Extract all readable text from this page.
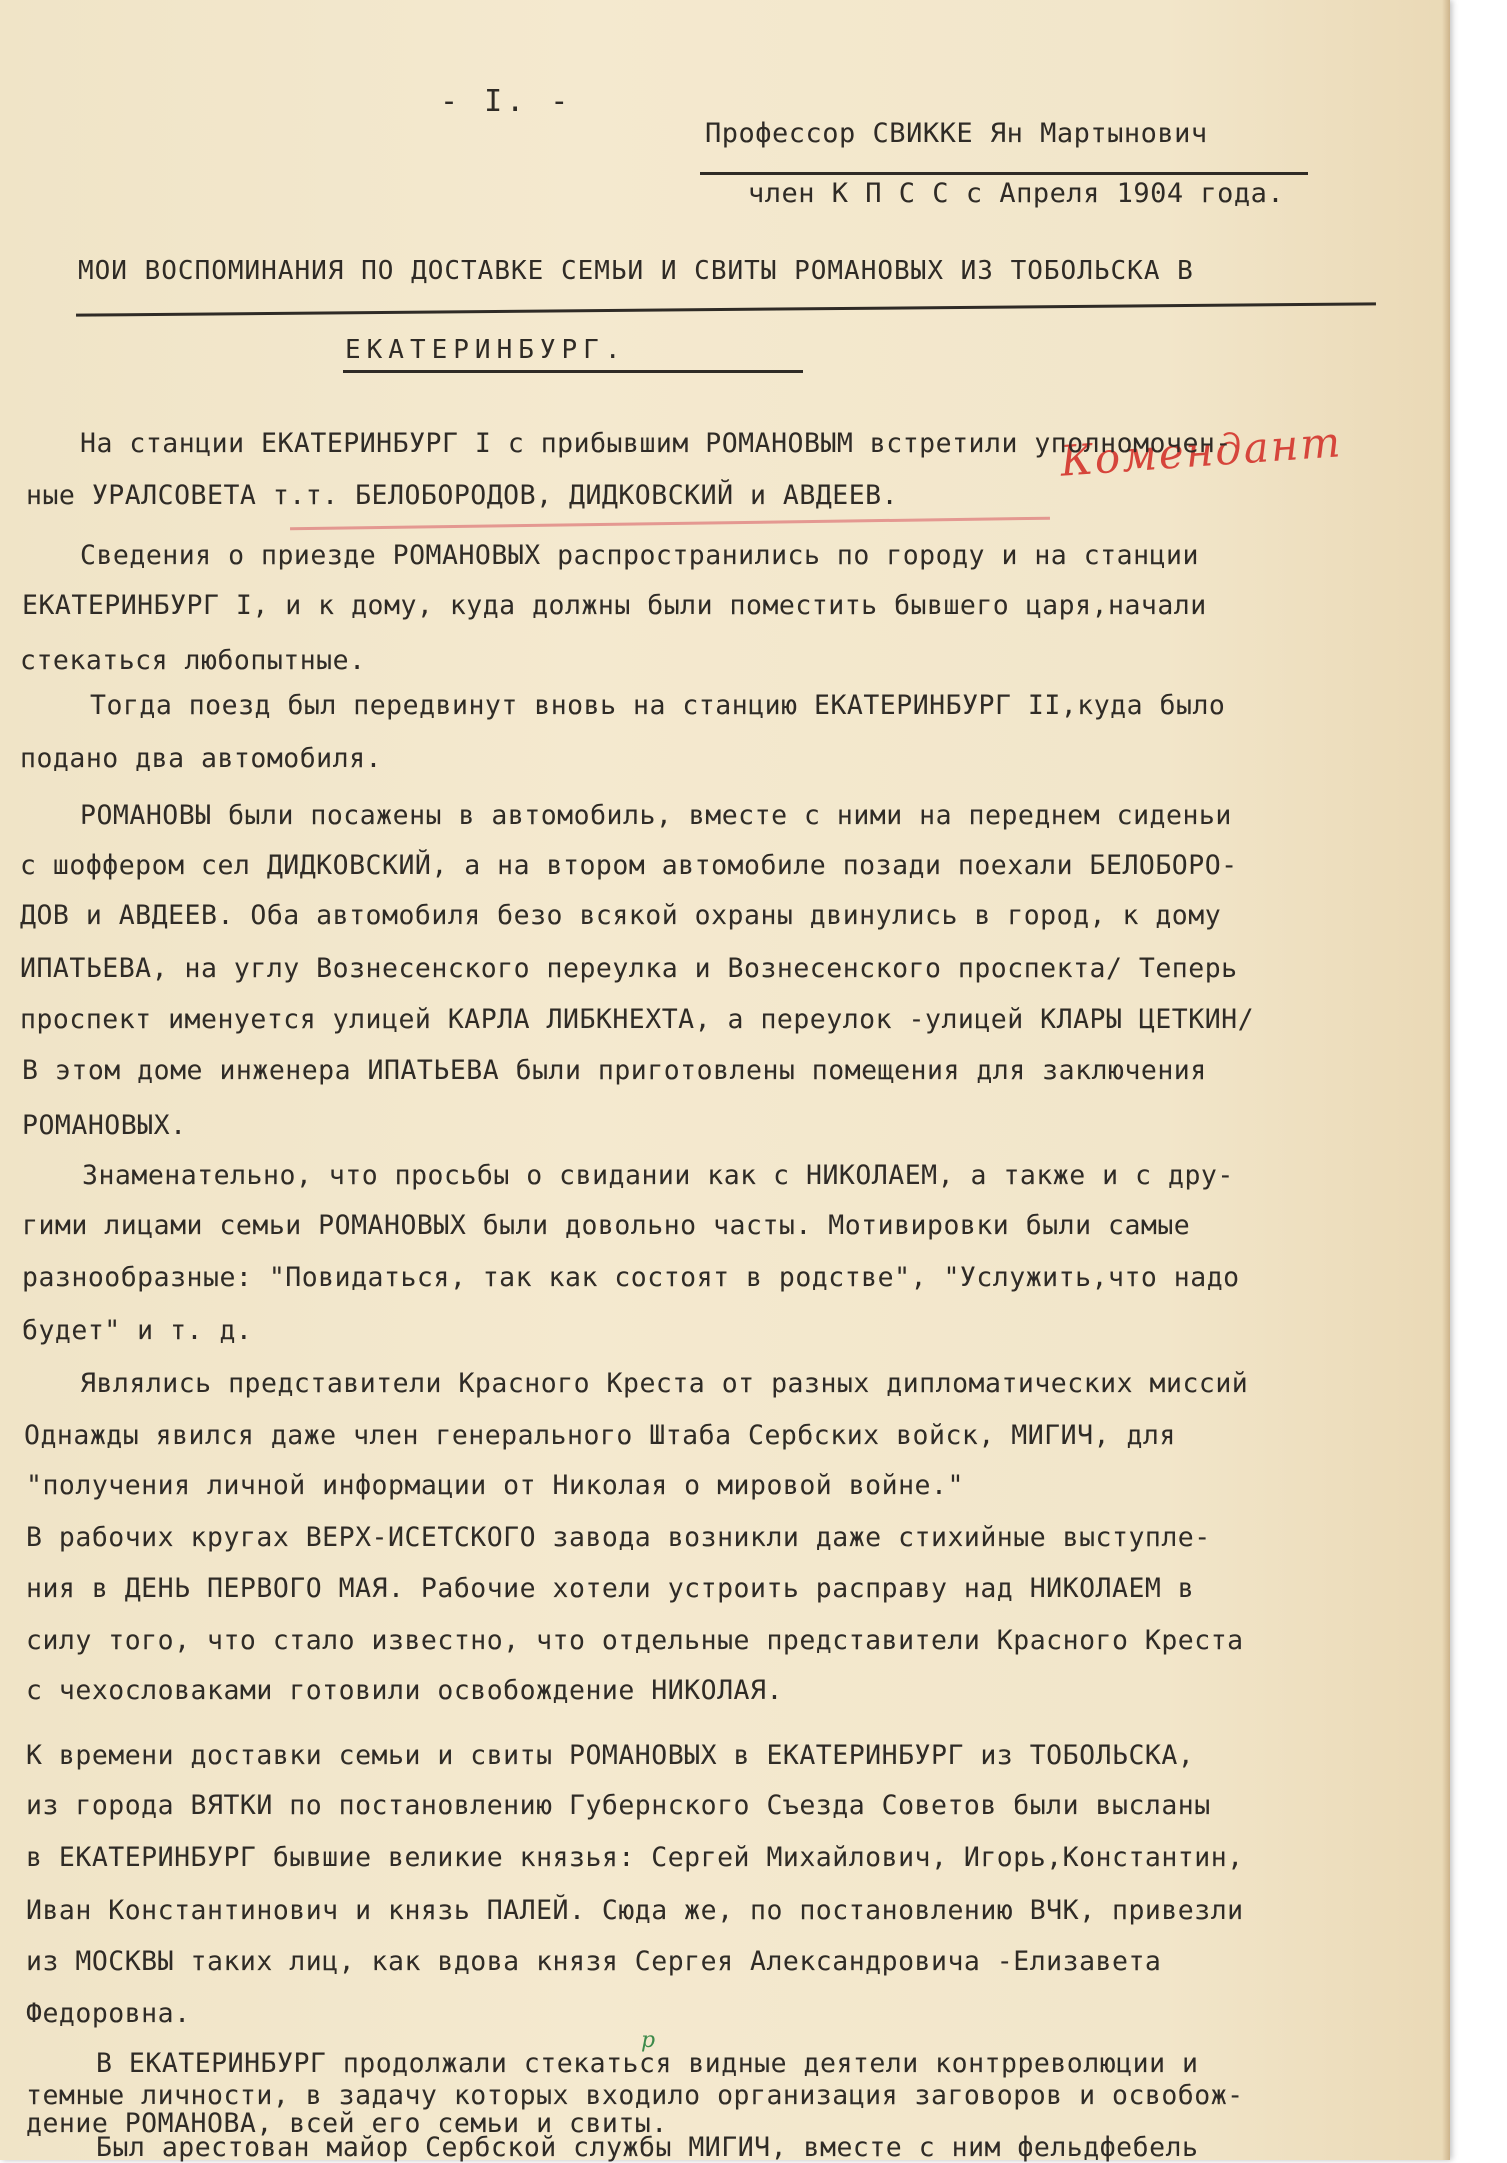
- I. -
Профессор СВИККЕ Ян Мартынович
член К П С С с Апреля 1904 года.
МОИ ВОСПОМИНАНИЯ ПО ДОСТАВКЕ СЕМЬИ И СВИТЫ РОМАНОВЫХ ИЗ ТОБОЛЬСКА В
ЕКАТЕРИНБУРГ.
Комендант
р
На станции ЕКАТЕРИНБУРГ I с прибывшим РОМАНОВЫМ встретили уполномочен-
ные УРАЛСОВЕТА т.т. БЕЛОБОРОДОВ, ДИДКОВСКИЙ и АВДЕЕВ.
Сведения о приезде РОМАНОВЫХ распространились по городу и на станции
ЕКАТЕРИНБУРГ I, и к дому, куда должны были поместить бывшего царя,начали
стекаться любопытные.
Тогда поезд был передвинут вновь на станцию ЕКАТЕРИНБУРГ II,куда было
подано два автомобиля.
РОМАНОВЫ были посажены в автомобиль, вместе с ними на переднем сиденьи
с шоффером сел ДИДКОВСКИЙ, а на втором автомобиле позади поехали БЕЛОБОРО-
ДОВ и АВДЕЕВ. Оба автомобиля безо всякой охраны двинулись в город, к дому
ИПАТЬЕВА, на углу Вознесенского переулка и Вознесенского проспекта/ Теперь
проспект именуется улицей КАРЛА ЛИБКНЕХТА, а переулок -улицей КЛАРЫ ЦЕТКИН/
В этом доме инженера ИПАТЬЕВА были приготовлены помещения для заключения
РОМАНОВЫХ.
Знаменательно, что просьбы о свидании как с НИКОЛАЕМ, а также и с дру-
гими лицами семьи РОМАНОВЫХ были довольно часты. Мотивировки были самые
разнообразные: "Повидаться, так как состоят в родстве", "Услужить,что надо
будет" и т. д.
Являлись представители Красного Креста от разных дипломатических миссий
Однажды явился даже член генерального Штаба Сербских войск, МИГИЧ, для
"получения личной информации от Николая о мировой войне."
В рабочих кругах ВЕРХ-ИСЕТСКОГО завода возникли даже стихийные выступле-
ния в ДЕНЬ ПЕРВОГО МАЯ. Рабочие хотели устроить расправу над НИКОЛАЕМ в
силу того, что стало известно, что отдельные представители Красного Креста
с чехословаками готовили освобождение НИКОЛАЯ.
К времени доставки семьи и свиты РОМАНОВЫХ в ЕКАТЕРИНБУРГ из ТОБОЛЬСКА,
из города ВЯТКИ по постановлению Губернского Съезда Советов были высланы
в ЕКАТЕРИНБУРГ бывшие великие князья: Сергей Михайлович, Игорь,Константин,
Иван Константинович и князь ПАЛЕЙ. Сюда же, по постановлению ВЧК, привезли
из МОСКВЫ таких лиц, как вдова князя Сергея Александровича -Елизавета
Федоровна.
В ЕКАТЕРИНБУРГ продолжали стекаться видные деятели контрреволюции и
темные личности, в задачу которых входило организация заговоров и освобож-
дение РОМАНОВА, всей его семьи и свиты.
Был арестован майор Сербской службы МИГИЧ, вместе с ним фельдфебель
